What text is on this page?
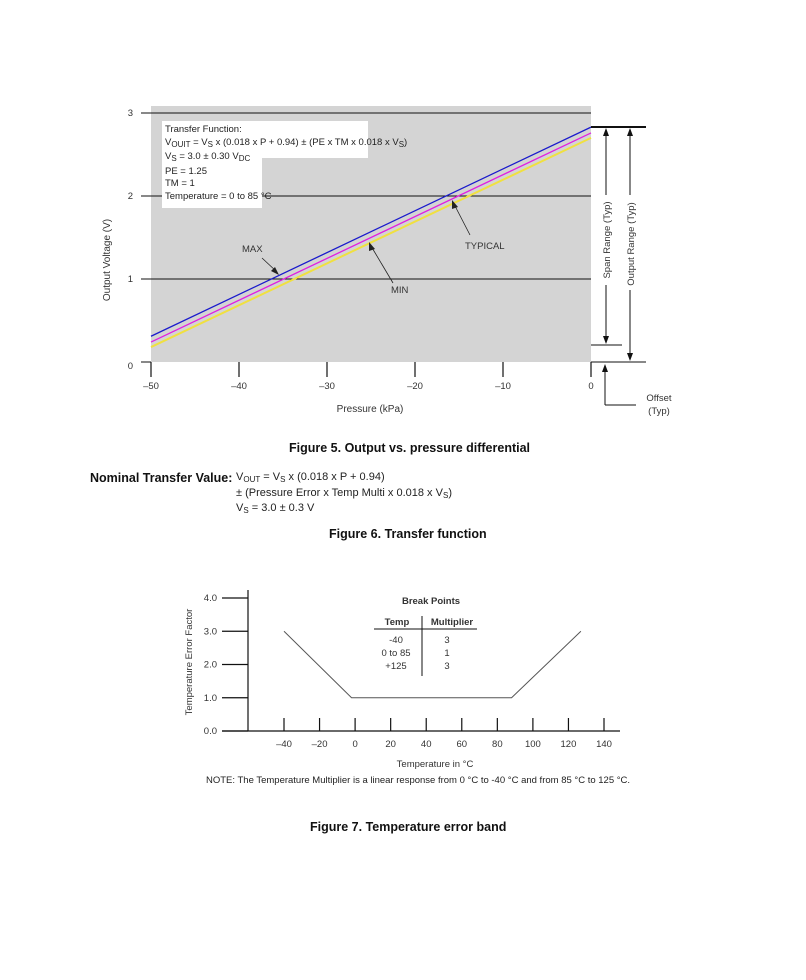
0
1
2
3
–50	–40	–30	–20	–10	0
Output Voltage (V)
Pressure (kPa)
MAX
MIN
TYPICAL	Span Range (Typ) Output Range (Typ)
Offset
(Typ)
Transfer Function:
$V_{OUIT} = V_S$ x (0.018 x P + 0.94) ± (PE x TM x 0.018 x $V_S$)
$V_S = 3.0 \pm 0.30$ $V_{DC}$
PE = 1.25
TM = 1
Temperature = 0 to 85 °C
Figure 5. Output vs. pressure differential
Nominal Transfer Value: $V_{OUT} = V_S$ x (0.018 x P + 0.94)
± (Pressure Error x Temp Multi x 0.018 x $V_S$)
$V_S = 3.0 \pm 0.3$ V
Figure 6. Transfer function
0.0
1.0
2.0
3.0
4.0
–40 –20	0	20	40	60	80 100 120 140
Temperature Error Factor
Temperature in °C
Break Points
Temp Multiplier
-40	3
0 to 85	1
+125	3
NOTE: The Temperature Multiplier is a linear response from 0 °C to -40 °C and from 85 °C to 125 °C.
Figure 7. Temperature error band
